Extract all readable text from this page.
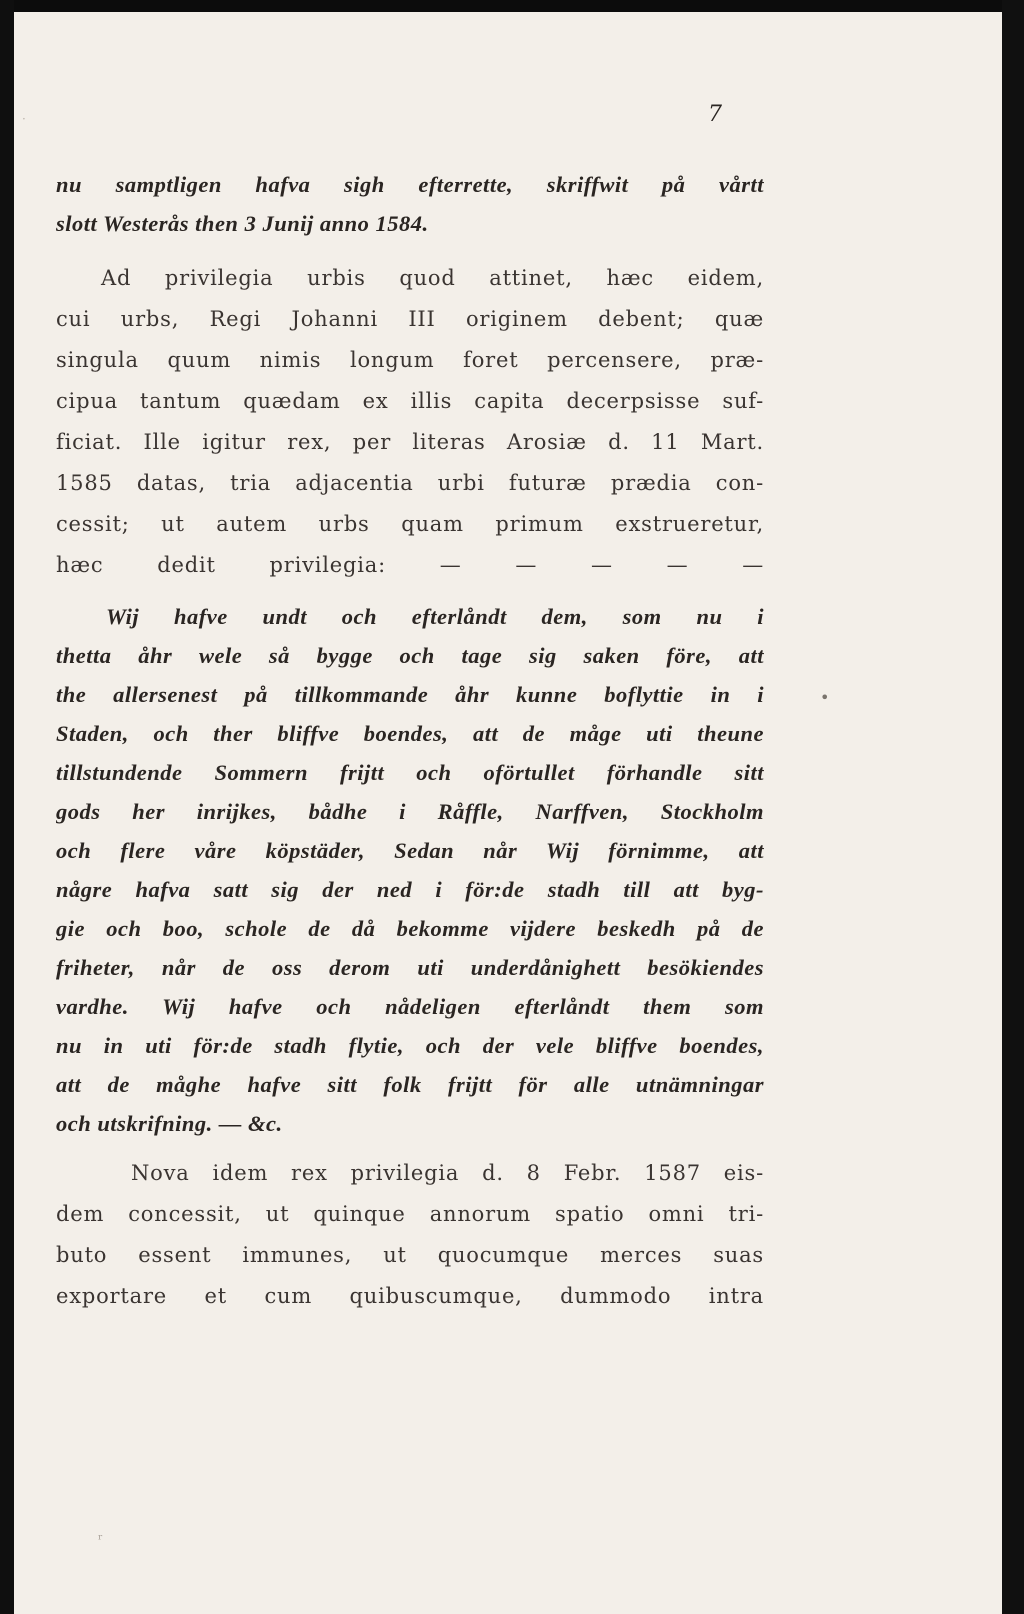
·
•
ʳ
7
nu samptligen hafva sigh efterrette, skriffwit på vårtt
slott Westerås then 3 Junij anno 1584.
Ad privilegia urbis quod attinet, hæc eidem,
cui urbs, Regi Johanni III originem debent; quæ
singula quum nimis longum foret percensere, præ-
cipua tantum quædam ex illis capita decerpsisse suf-
ficiat. Ille igitur rex, per literas Arosiæ d. 11 Mart.
1585 datas, tria adjacentia urbi futuræ prædia con-
cessit; ut autem urbs quam primum exstrueretur,
hæc dedit privilegia: — — — — —
Wij hafve undt och efterlåndt dem, som nu i
thetta åhr wele så bygge och tage sig saken före, att
the allersenest på tillkommande åhr kunne boflyttie in i
Staden, och ther bliffve boendes, att de måge uti theune
tillstundende Sommern frijtt och oförtullet förhandle sitt
gods her inrijkes, bådhe i Råffle, Narffven, Stockholm
och flere våre köpstäder, Sedan når Wij förnimme, att
någre hafva satt sig der ned i för:de stadh till att byg-
gie och boo, schole de då bekomme vijdere beskedh på de
friheter, når de oss derom uti underdånighett besökiendes
vardhe. Wij hafve och nådeligen efterlåndt them som
nu in uti för:de stadh flytie, och der vele bliffve boendes,
att de måghe hafve sitt folk frijtt för alle utnämningar
och utskrifning. — &c.
Nova idem rex privilegia d. 8 Febr. 1587 eis-
dem concessit, ut quinque annorum spatio omni tri-
buto essent immunes, ut quocumque merces suas
exportare et cum quibuscumque, dummodo intra
